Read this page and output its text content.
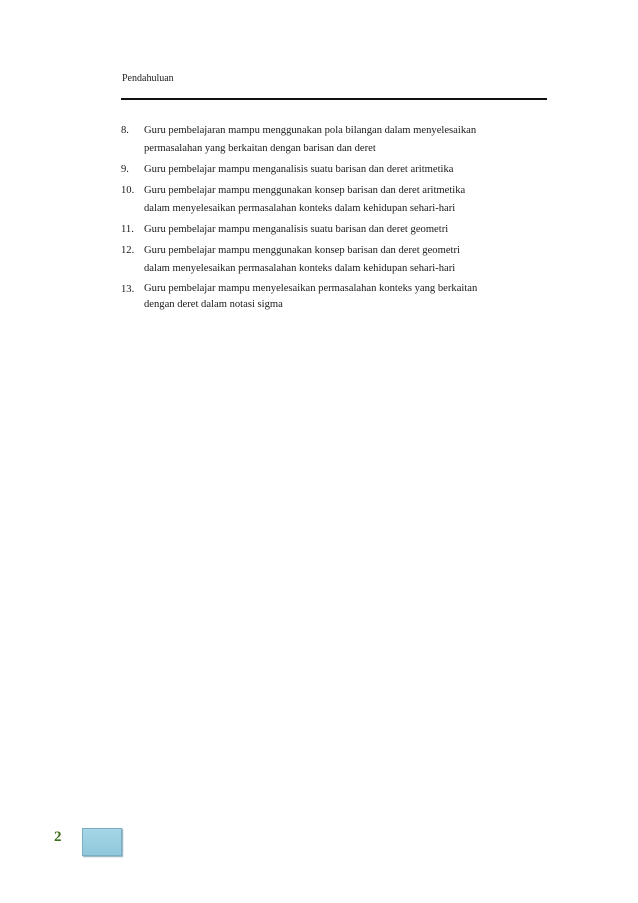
Pendahuluan
8.	Guru pembelajaran mampu menggunakan pola bilangan dalam menyelesaikan
permasalahan yang berkaitan dengan barisan dan deret
9.	Guru pembelajar mampu menganalisis suatu barisan dan deret aritmetika
10. Guru pembelajar mampu menggunakan konsep barisan dan deret aritmetika
dalam menyelesaikan permasalahan konteks dalam kehidupan sehari-hari
11. Guru pembelajar mampu menganalisis suatu barisan dan deret geometri
12. Guru pembelajar mampu menggunakan konsep barisan dan deret geometri
dalam menyelesaikan permasalahan konteks dalam kehidupan sehari-hari
13. Guru pembelajar mampu menyelesaikan permasalahan konteks yang berkaitan
dengan deret dalam notasi sigma
2
